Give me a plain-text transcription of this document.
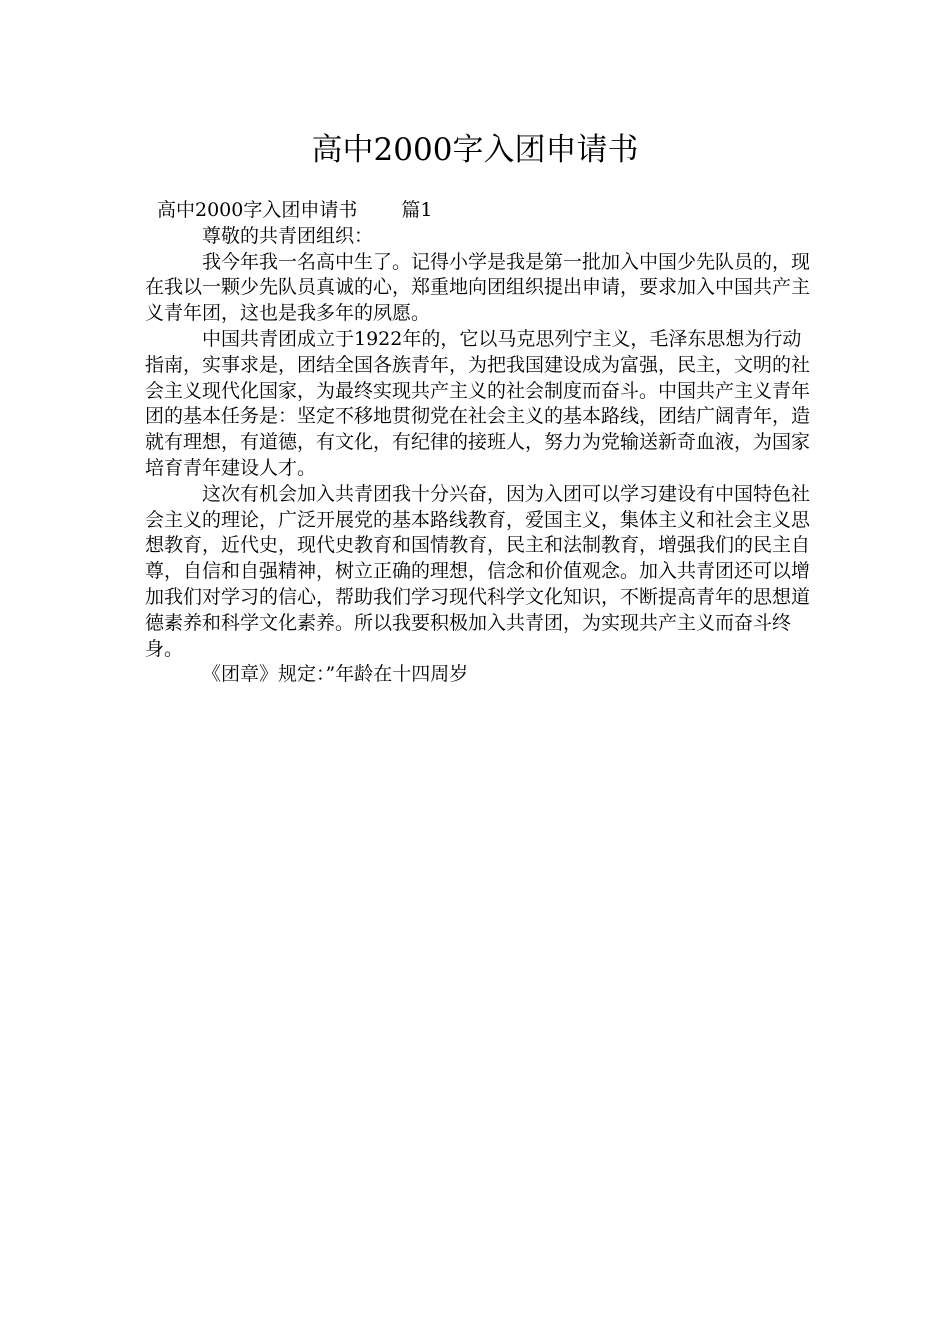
高中2000字入团申请书

高中2000字入团申请书 篇1

尊敬的共青团组织：

我今年我一名高中生了。记得小学是我是第一批加入中国少先队员的，现在我以一颗少先队员真诚的心，郑重地向团组织提出申请，要求加入中国共产主义青年团，这也是我多年的夙愿。

中国共青团成立于1922年的，它以马克思列宁主义，毛泽东思想为行动指南，实事求是，团结全国各族青年，为把我国建设成为富强，民主，文明的社会主义现代化国家，为最终实现共产主义的社会制度而奋斗。中国共产主义青年团的基本任务是：坚定不移地贯彻党在社会主义的基本路线，团结广阔青年，造就有理想，有道德，有文化，有纪律的接班人，努力为党输送新奇血液，为国家培育青年建设人才。

这次有机会加入共青团我十分兴奋，因为入团可以学习建设有中国特色社会主义的理论，广泛开展党的基本路线教育，爱国主义，集体主义和社会主义思想教育，近代史，现代史教育和国情教育，民主和法制教育，增强我们的民主自尊，自信和自强精神，树立正确的理想，信念和价值观念。加入共青团还可以增加我们对学习的信心，帮助我们学习现代科学文化知识，不断提高青年的思想道德素养和科学文化素养。所以我要积极加入共青团，为实现共产主义而奋斗终身。

《团章》规定：”年龄在十四周岁
